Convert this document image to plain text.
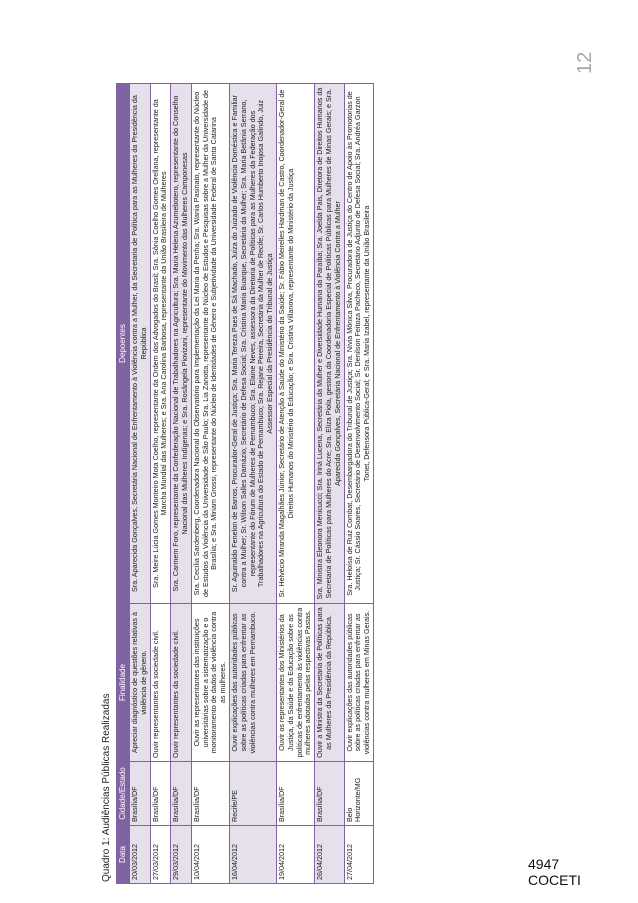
12
Quadro 1: Audiências Públicas Realizadas Data	Cidade/Estado	Finalidade	Depoentes
20/03/2012	Brasília/DF	Apreciar diagnóstico de questões relativas à violência de gênero.	Sra. Aparecida Gonçalves, Secretária Nacional de Enfrentamento à Violência contra a Mulher, da Secretaria de Política para as Mulheres da Presidência da República
27/03/2012	Brasília/DF	Ouvir representantes da sociedade civil.	Sra. Meire Lúcia Gomes Monteiro Mota Coelho, representante da Ordem dos Advogados do Brasil; Sra. Sônia Coelho Gomes Orellana, representante da Marcha Mundial das Mulheres; e Sra. Ana Carolina Barbosa, representante da União Brasileira de Mulheres
29/03/2012	Brasília/DF	Ouvir representantes da sociedade civil.	Sra. Carmem Foro, representante da Confederação Nacional de Trabalhadores na Agricultura; Sra. Maria Helena Azumebotero, representante do Conselho Nacional das Mulheres Indígenas; e Sra. Rosângela Piovizani, representante do Movimento das Mulheres Camponesas
10/04/2012	Brasília/DF	Ouvir as representantes das instituições universitárias sobre a sistematização e o monitoramento de dados de violência contra as mulheres.	Sra. Cecília Sardenberg, Coordenadora Nacional do Observatório para Implementação da Lei Maria da Penha; Sra. Wania Pasinato, representante do Núcleo de Estudos da Violência da Universidade de São Paulo; Sra. Lia Zanotta, representante do Núcleo de Estudos e Pesquisas sobre a Mulher da Universidade de Brasília; e Sra. Miriam Grossi, representante do Núcleo de Identidades de Gênero e Subjetividade da Universidade Federal de Santa Catarina
16/04/2012	Recife/PE	Ouvir explicações das autoridades públicas sobre as políticas criadas para enfrentar as violências contra mulheres em Pernambuco.	Sr. Aguinaldo Fenelon de Barros, Procurador-Geral de Justiça; Sra. Maria Tereza Paes de Sá Machado, Juíza do Juizado de Violência Doméstica e Familiar contra a Mulher; Sr. Wilson Salles Damázio, Secretário de Defesa Social; Sra. Cristina Maria Buarque, Secretária da Mulher; Sra. Maria Betânia Serrano, representante do Fórum de Mulheres de Pernambuco; Sra. Elaine Neves, assessora da Diretoria de Políticas para as Mulheres da Federação dos Trabalhadores na Agricultura do Estado de Pernambuco; Sra. Rejane Pereira, Secretária da Mulher de Recife; Sr. Carlos Humberto Inojosa Galindo, Juiz Assessor Especial da Presidência do Tribunal de Justiça
19/04/2012	Brasília/DF	Ouvir os representantes dos Ministérios da Justiça, da Saúde e da Educação sobre as políticas de enfrentamento às violências contra mulheres adotadas pelas respectivas Pastas.	Sr. Helvécio Miranda Magalhães Júnior, Secretário de Atenção à Saúde do Ministério da Saúde; Sr. Fábio Meirelles Hardman de Castro, Coordenador-Geral de Direitos Humanos do Ministério da Educação; e Sra. Cristina Villanova, representante do Ministério da Justiça
26/04/2012	Brasília/DF	Ouvir a Ministra da Secretaria de Políticas para as Mulheres da Presidência da República.	Sra. Ministra Eleonora Menicucci; Sra. Iriná Lucena, Secretária da Mulher e Diversidade Humana da Paraíba; Sra. Joelda Pais, Diretora de Direitos Humanos da Secretaria de Políticas para Mulheres do Acre; Sra. Eliza Piola, gestora da Coordenadoria Especial de Políticas Públicas para Mulheres de Minas Gerais; e Sra. Aparecida Gonçalves, Secretária Nacional de Enfrentamento à Violência Contra a Mulher
27/04/2012	Belo Horizonte/MG	Ouvir explicações das autoridades públicas sobre as políticas criadas para enfrentar as violências contra mulheres em Minas Gerais.	Sra. Heloísa de Ruiz Combat, Desembargadora do Tribunal de Justiça; Sra. Nívia Mônica Silva, Procuradora de Justiça do Centro de Apoio às Promotorias de Justiça; Sr. Cássio Soares, Secretário de Desenvolvimento Social; Sr. Denilson Feitoza Pacheco, Secretário Adjunto de Defesa Social; Sra. Andréa Garzon Tonet, Defensora Pública-Geral; e Sra. Maria Izabel, representante da União Brasileira
4947
COCETI
